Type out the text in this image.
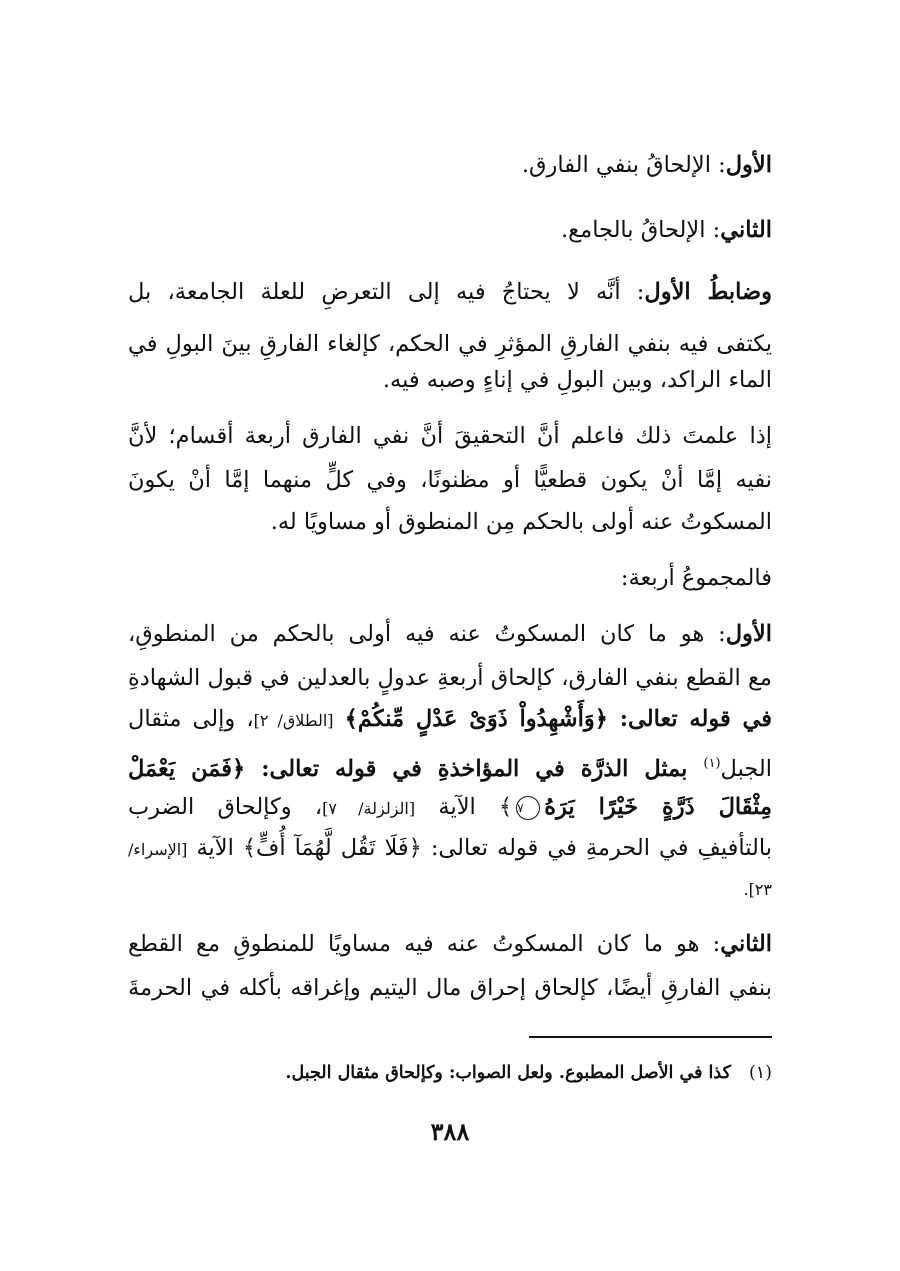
الأول: الإلحاقُ بنفي الفارق.
الثاني: الإلحاقُ بالجامع.
وضابطُ الأول: أنَّه لا يحتاجُ فيه إلى التعرضِ للعلة الجامعة، بل
يكتفى فيه بنفي الفارقِ المؤثرِ في الحكم، كإلغاء الفارقِ بينَ البولِ في
الماء الراكد، وبين البولِ في إناءٍ وصبه فيه.
إذا علمتَ ذلك فاعلم أنَّ التحقيقَ أنَّ نفي الفارق أربعة أقسام؛ لأنَّ
نفيه إمَّا أنْ يكون قطعيًّا أو مظنونًا، وفي كلٍّ منهما إمَّا أنْ يكونَ
المسكوتُ عنه أولى بالحكم مِن المنطوق أو مساويًا له.
فالمجموعُ أربعة:
الأول: هو ما كان المسكوتُ عنه فيه أولى بالحكم من المنطوقِ،
مع القطع بنفي الفارق، كإلحاق أربعةِ عدولٍ بالعدلين في قبول الشهادةِ
في قوله تعالى: ﴿وَأَشْهِدُواْ ذَوَىْ عَدْلٍ مِّنكُمْ﴾ [الطلاق/ ٢]، وإلى مثقال
الجبل$^{(١)}$ بمثل الذرَّة في المؤاخذةِ في قوله تعالى: ﴿فَمَن يَعْمَلْ
مِثْقَالَ ذَرَّةٍ خَيْرًا يَرَهُ٧﴾ الآية [الزلزلة/ ٧]، وكإلحاق الضرب
بالتأفيفِ في الحرمةِ في قوله تعالى: ﴿فَلَا تَقُل لَّهُمَآ أُفٍّ﴾ الآية [الإسراء/
٢٣].
الثاني: هو ما كان المسكوتُ عنه فيه مساويًا للمنطوقِ مع القطع
بنفي الفارقِ أيضًا، كإلحاق إحراق مال اليتيم وإغراقه بأكله في الحرمةَ
(١)كذا في الأصل المطبوع. ولعل الصواب: وكإلحاق مثقال الجبل.
٣٨٨
